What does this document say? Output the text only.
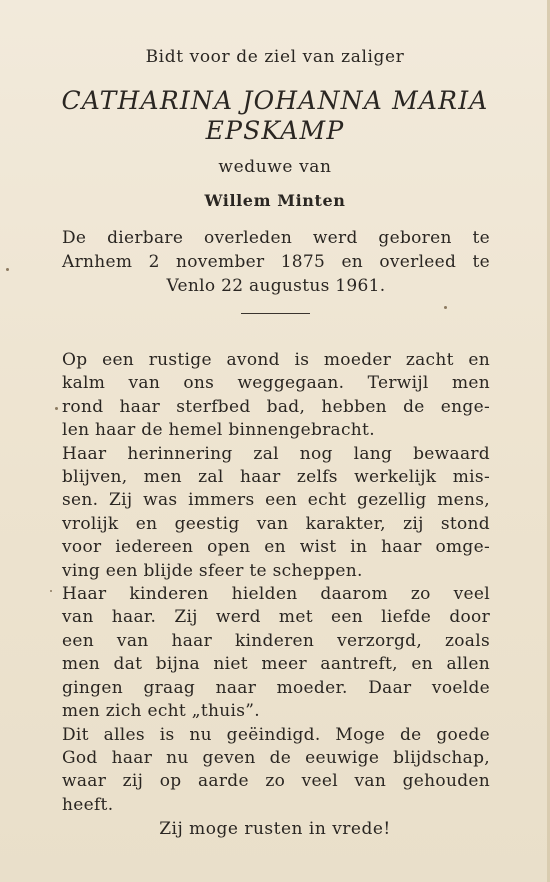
Bidt voor de ziel van zaliger
CATHARINA JOHANNA MARIA
EPSKAMP
weduwe van
Willem Minten
De dierbare overleden werd geboren te
Arnhem 2 november 1875 en overleed te
Venlo 22 augustus 1961.
Op een rustige avond is moeder zacht en
kalm van ons weggegaan. Terwijl men
rond haar sterfbed bad, hebben de enge-
len haar de hemel binnengebracht.
Haar herinnering zal nog lang bewaard
blijven, men zal haar zelfs werkelijk mis-
sen. Zij was immers een echt gezellig mens,
vrolijk en geestig van karakter, zij stond
voor iedereen open en wist in haar omge-
ving een blijde sfeer te scheppen.
Haar kinderen hielden daarom zo veel
van haar. Zij werd met een liefde door
een van haar kinderen verzorgd, zoals
men dat bijna niet meer aantreft, en allen
gingen graag naar moeder. Daar voelde
men zich echt „thuis”.
Dit alles is nu geëindigd. Moge de goede
God haar nu geven de eeuwige blijdschap,
waar zij op aarde zo veel van gehouden
heeft.
Zij moge rusten in vrede!
